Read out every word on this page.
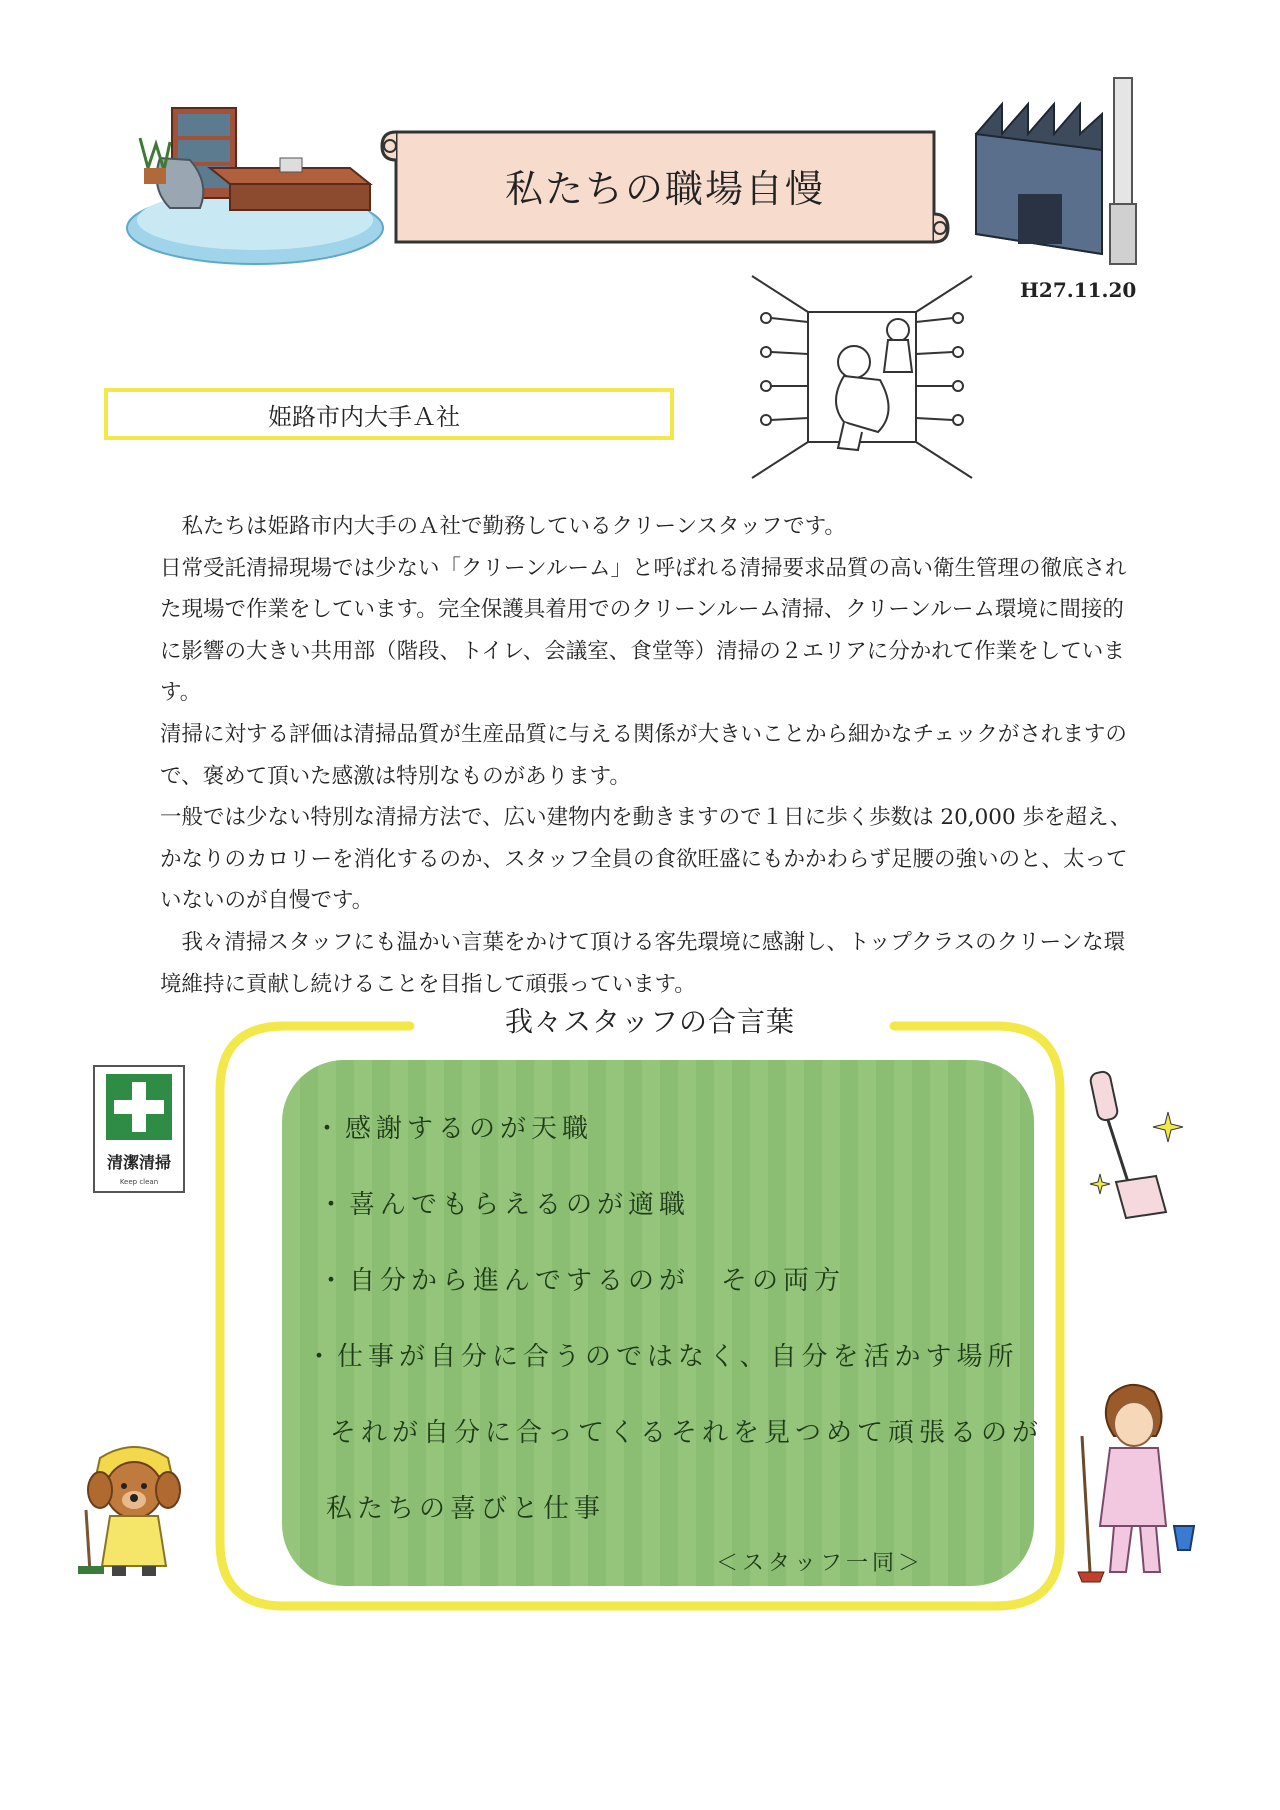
私たちの職場自慢
H27.11.20
姫路市内大手Ａ社

　私たちは姫路市内大手のＡ社で勤務しているクリーンスタッフです。

日常受託清掃現場では少ない「クリーンルーム」と呼ばれる清掃要求品質の高い衛生管理の徹底された現場で作業をしています。完全保護具着用でのクリーンルーム清掃、クリーンルーム環境に間接的に影響の大きい共用部（階段、トイレ、会議室、食堂等）清掃の２エリアに分かれて作業をしています。

清掃に対する評価は清掃品質が生産品質に与える関係が大きいことから細かなチェックがされますので、褒めて頂いた感激は特別なものがあります。

一般では少ない特別な清掃方法で、広い建物内を動きますので１日に歩く歩数は 20,000 歩を超え、かなりのカロリーを消化するのか、スタッフ全員の食欲旺盛にもかかわらず足腰の強いのと、太っていないのが自慢です。

　我々清掃スタッフにも温かい言葉をかけて頂ける客先環境に感謝し、トップクラスのクリーンな環境維持に貢献し続けることを目指して頑張っています。

我々スタッフの合言葉
・感謝するのが天職
・喜んでもらえるのが適職
・自分から進んでするのが　その両方
・仕事が自分に合うのではなく、自分を活かす場所
それが自分に合ってくるそれを見つめて頑張るのが
私たちの喜びと仕事
＜スタッフ一同＞
清潔清掃
Keep clean
